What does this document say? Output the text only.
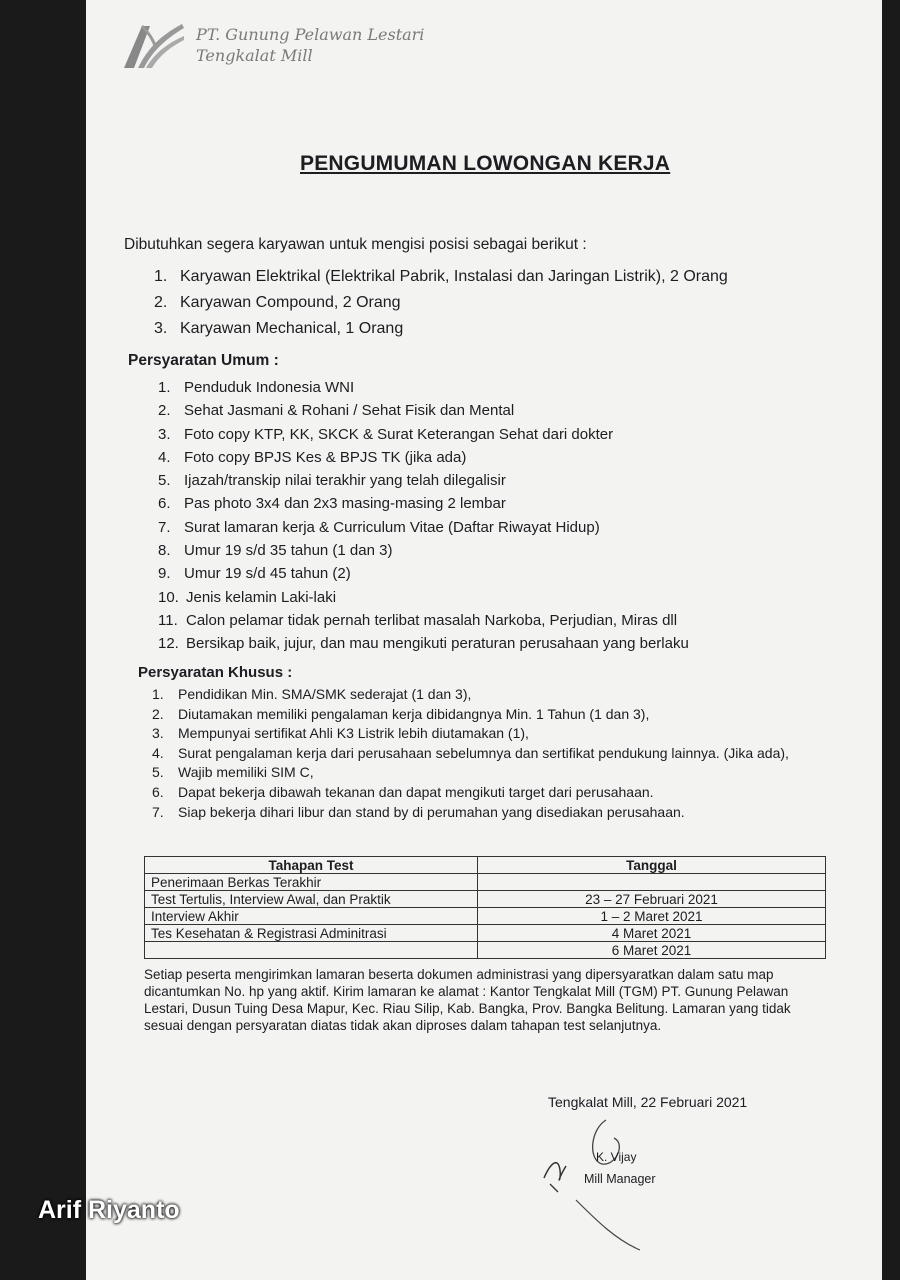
PT. Gunung Pelawan Lestari
Tengkalat Mill
PENGUMUMAN LOWONGAN KERJA
Dibutuhkan segera karyawan untuk mengisi posisi sebagai berikut :
1. Karyawan Elektrikal (Elektrikal Pabrik, Instalasi dan Jaringan Listrik), 2 Orang
2. Karyawan Compound, 2 Orang
3. Karyawan Mechanical, 1 Orang
Persyaratan Umum :
1. Penduduk Indonesia WNI
2. Sehat Jasmani & Rohani / Sehat Fisik dan Mental
3. Foto copy KTP, KK, SKCK & Surat Keterangan Sehat dari dokter
4. Foto copy BPJS Kes & BPJS TK (jika ada)
5. Ijazah/transkip nilai terakhir yang telah dilegalisir
6. Pas photo 3x4 dan 2x3 masing-masing 2 lembar
7. Surat lamaran kerja & Curriculum Vitae (Daftar Riwayat Hidup)
8. Umur 19 s/d 35 tahun (1 dan 3)
9. Umur 19 s/d 45 tahun (2)
10. Jenis kelamin Laki-laki
11. Calon pelamar tidak pernah terlibat masalah Narkoba, Perjudian, Miras dll
12. Bersikap baik, jujur, dan mau mengikuti peraturan perusahaan yang berlaku
Persyaratan Khusus :
1.	Pendidikan Min. SMA/SMK sederajat (1 dan 3),
2.	Diutamakan memiliki pengalaman kerja dibidangnya Min. 1 Tahun (1 dan 3),
3.	Mempunyai sertifikat Ahli K3 Listrik lebih diutamakan (1),
4.	Surat pengalaman kerja dari perusahaan sebelumnya dan sertifikat pendukung lainnya. (Jika ada),
5.	Wajib memiliki SIM C,
6.	Dapat bekerja dibawah tekanan dan dapat mengikuti target dari perusahaan.
7.	Siap bekerja dihari libur dan stand by di perumahan yang disediakan perusahaan.
Tahapan Test	Tanggal
Penerimaan Berkas Terakhir	
Test Tertulis, Interview Awal, dan Praktik	23 – 27 Februari 2021
Interview Akhir	1 – 2 Maret 2021
Tes Kesehatan & Registrasi Adminitrasi	4 Maret 2021
	6 Maret 2021
Setiap peserta mengirimkan lamaran beserta dokumen administrasi yang dipersyaratkan dalam satu map dicantumkan No. hp yang aktif. Kirim lamaran ke alamat : Kantor Tengkalat Mill (TGM) PT. Gunung Pelawan Lestari, Dusun Tuing Desa Mapur, Kec. Riau Silip, Kab. Bangka, Prov. Bangka Belitung. Lamaran yang tidak sesuai dengan persyaratan diatas tidak akan diproses dalam tahapan test selanjutnya.
Tengkalat Mill, 22 Februari 2021
K. Vijay
Mill Manager
Arif Riyanto
